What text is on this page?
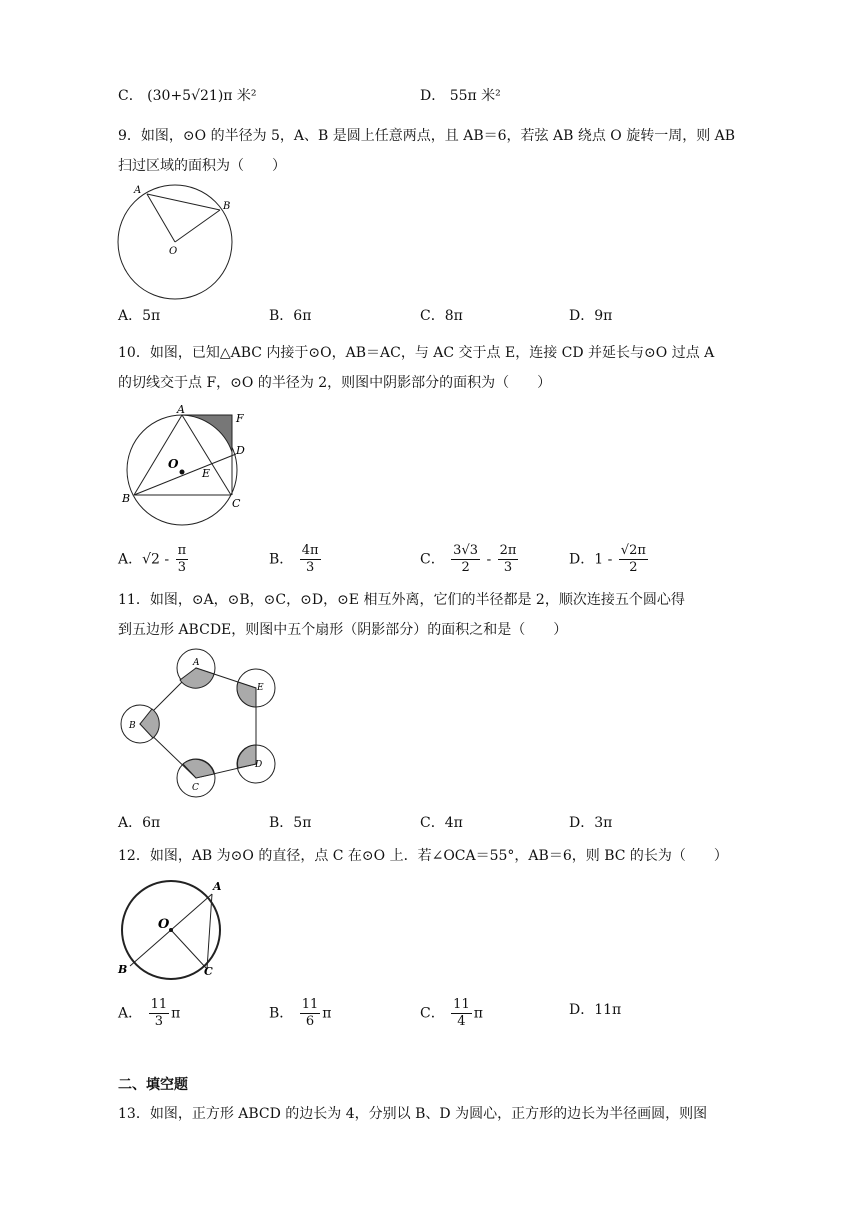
C． (30+5√21)π 米²	D． 55π 米²
9．如图，⊙O 的半径为 5，A、B 是圆上任意两点，且 AB＝6，若弦 AB 绕点 O 旋转一周，则 AB
扫过区域的面积为（　　）
A
B
O
A．5π	B．6π	C．8π	D．9π
10．如图，已知△ABC 内接于⊙O，AB＝AC，与 AC 交于点 E，连接 CD 并延长与⊙O 过点 A
的切线交于点 F，⊙O 的半径为 2，则图中阴影部分的面积为（　　）
A
F
D
O
E
B	C
A．$√2 - \frac{\pi}{3}$	B． $\frac{4\pi}{3}$	C． $\frac{3√3}{2} - \frac{2\pi}{3}$	D．$1 - \frac{√2\pi}{2}$
11．如图，⊙A，⊙B，⊙C，⊙D，⊙E 相互外离，它们的半径都是 2，顺次连接五个圆心得
到五边形 ABCDE，则图中五个扇形（阴影部分）的面积之和是（　　）
A
E
B
D
C
A．6π	B．5π	C．4π	D．3π
12．如图，AB 为⊙O 的直径，点 C 在⊙O 上．若∠OCA＝55°，AB＝6，则 BC 的长为（　　）
A
O
B	C
A． $\frac{11}{3}$ π	B． $\frac{11}{6}$ π	C． $\frac{11}{4}$ π	D．11π
二、填空题
13．如图，正方形 ABCD 的边长为 4，分别以 B、D 为圆心，正方形的边长为半径画圆，则图
